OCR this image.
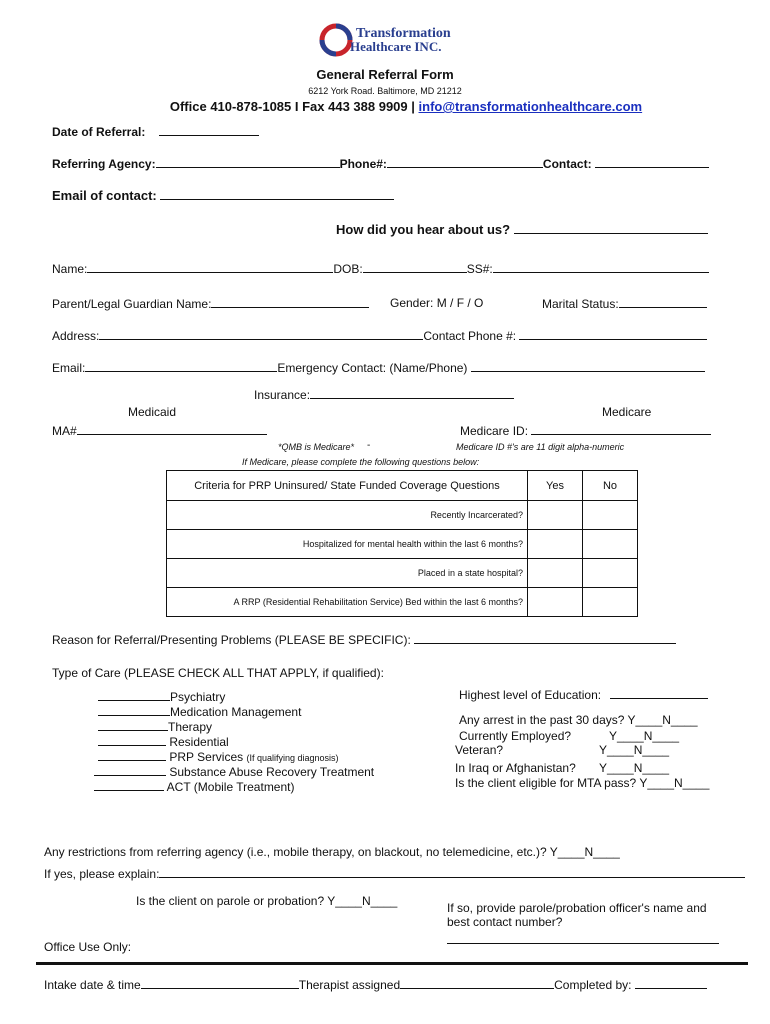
Transformation
Healthcare INC.
General Referral Form
6212 York Road. Baltimore, MD 21212
Office 410-878-1085 I Fax 443 388 9909 | info@transformationhealthcare.com
Date of Referral:
Referring Agency:	Phone#:	Contact:
Email of contact:
How did you hear about us?
Name:	DOB:	SS#:
Parent/Legal Guardian Name:	Gender: M / F / O	Marital Status:
Address:	Contact Phone #:
Email:	Emergency Contact: (Name/Phone)
Insurance:
Medicaid	Medicare
MA#	Medicare ID:
*QMB is Medicare* -	Medicare ID #'s are 11 digit alpha-numeric
If Medicare, please complete the following questions below:
Criteria for PRP Uninsured/ State Funded Coverage Questions	Yes	No
Recently Incarcerated?		
Hospitalized for mental health within the last 6 months?		
Placed in a state hospital?		
A RRP (Residential Rehabilitation Service) Bed within the last 6 months?		
Reason for Referral/Presenting Problems (PLEASE BE SPECIFIC):
Type of Care (PLEASE CHECK ALL THAT APPLY, if qualified):
Psychiatry
Medication Management
Therapy
Residential
PRP Services (If qualifying diagnosis)
Substance Abuse Recovery Treatment
ACT (Mobile Treatment)
Highest level of Education:
Any arrest in the past 30 days? Y____N____
Currently Employed?	Y____N____
Veteran?	Y____N____
In Iraq or Afghanistan? Y____N____
Is the client eligible for MTA pass? Y____N____
Any restrictions from referring agency (i.e., mobile therapy, on blackout, no telemedicine, etc.)? Y____N____
If yes, please explain:
Is the client on parole or probation? Y____N____	If so, provide parole/probation officer's name and
best contact number?
Office Use Only:
Intake date & time	Therapist assigned	Completed by:
